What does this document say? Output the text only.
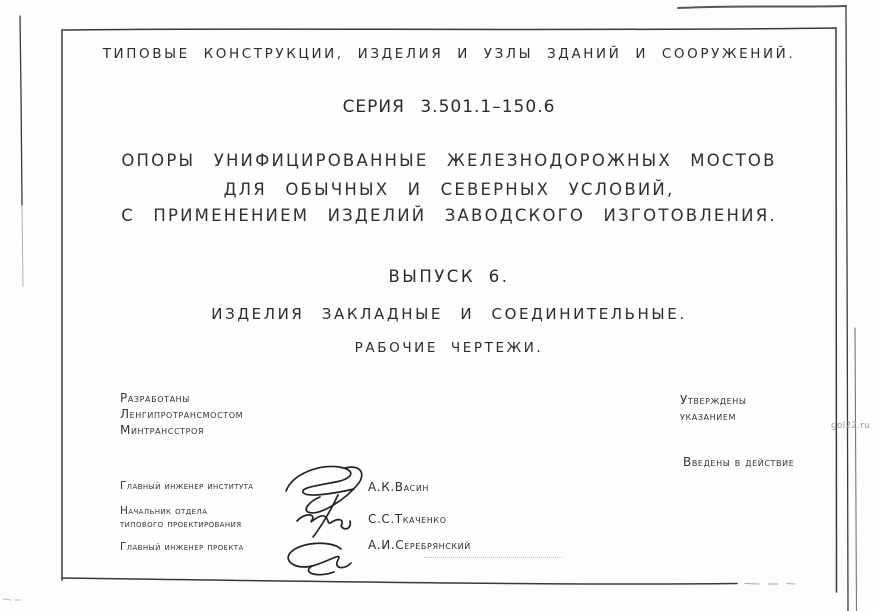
ТИПОВЫЕ КОНСТРУКЦИИ, ИЗДЕЛИЯ И УЗЛЫ ЗДАНИЙ И СООРУЖЕНИЙ.
СЕРИЯ 3.501.1–150.6
ОПОРЫ УНИФИЦИРОВАННЫЕ ЖЕЛЕЗНОДОРОЖНЫХ МОСТОВ
ДЛЯ ОБЫЧНЫХ И СЕВЕРНЫХ УСЛОВИЙ,
С ПРИМЕНЕНИЕМ ИЗДЕЛИЙ ЗАВОДСКОГО ИЗГОТОВЛЕНИЯ.
ВЫПУСК 6.
ИЗДЕЛИЯ ЗАКЛАДНЫЕ И СОЕДИНИТЕЛЬНЫЕ.
РАБОЧИЕ ЧЕРТЕЖИ.
Разработаны
Ленгипротрансмостом
Минтрансстроя
Утверждены
указанием
Введены в действие
gol22.ru
Главный инженер института	А.К.Васин
Начальник отдела
типового проектирования	С.С.Ткаченко
Главный инженер проекта	А.И.Серебрянский
